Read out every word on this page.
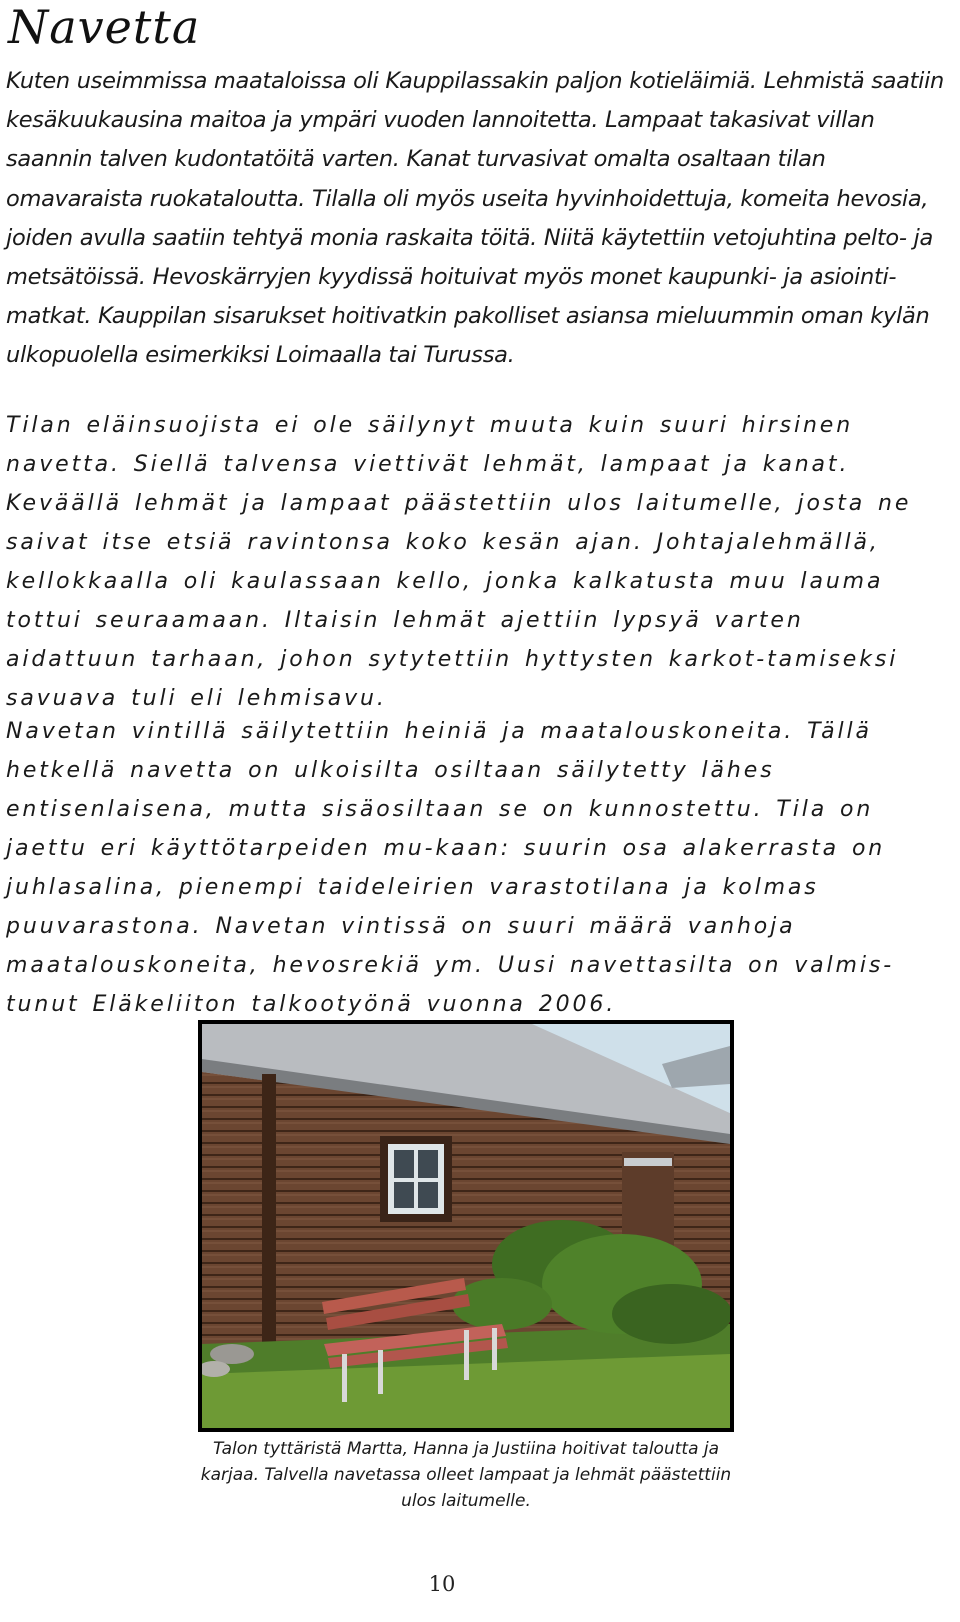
Navetta

Kuten useimmissa maataloissa oli Kauppilassakin paljon kotieläimiä. Lehmistä saatiin kesäkuukausina maitoa ja ympäri vuoden lannoitetta. Lampaat takasivat villan saannin talven kudontatöitä varten. Kanat turvasivat omalta osaltaan tilan omavaraista ruokataloutta. Tilalla oli myös useita hyvinhoidettuja, komeita hevosia, joiden avulla saatiin tehtyä monia raskaita töitä. Niitä käytettiin vetojuhtina pelto- ja metsätöissä. Hevoskärryjen kyydissä hoituivat myös monet kaupunki- ja asiointi-matkat. Kauppilan sisarukset hoitivatkin pakolliset asiansa mieluummin oman kylän ulkopuolella esimerkiksi Loimaalla tai Turussa.

Tilan eläinsuojista ei ole säilynyt muuta kuin suuri hirsinen navetta. Siellä talvensa viettivät lehmät, lampaat ja kanat. Keväällä lehmät ja lampaat päästettiin ulos laitumelle, josta ne saivat itse etsiä ravintonsa koko kesän ajan. Johtajalehmällä, kellokkaalla oli kaulassaan kello, jonka kalkatusta muu lauma tottui seuraamaan. Iltaisin lehmät ajettiin lypsyä varten aidattuun tarhaan, johon sytytettiin hyttysten karkot-tamiseksi savuava tuli eli lehmisavu.

Navetan vintillä säilytettiin heiniä ja maatalouskoneita. Tällä hetkellä navetta on ulkoisilta osiltaan säilytetty lähes entisenlaisena, mutta sisäosiltaan se on kunnostettu. Tila on jaettu eri käyttötarpeiden mu-kaan: suurin osa alakerrasta on juhlasalina, pienempi taideleirien varastotilana ja kolmas puuvarastona. Navetan vintissä on suuri määrä vanhoja maatalouskoneita, hevosrekiä ym. Uusi navettasilta on valmis-tunut Eläkeliiton talkootyönä vuonna 2006.

Talon tyttäristä Martta, Hanna ja Justiina hoitivat taloutta ja karjaa. Talvella navetassa olleet lampaat ja lehmät päästettiin ulos laitumelle.

10
